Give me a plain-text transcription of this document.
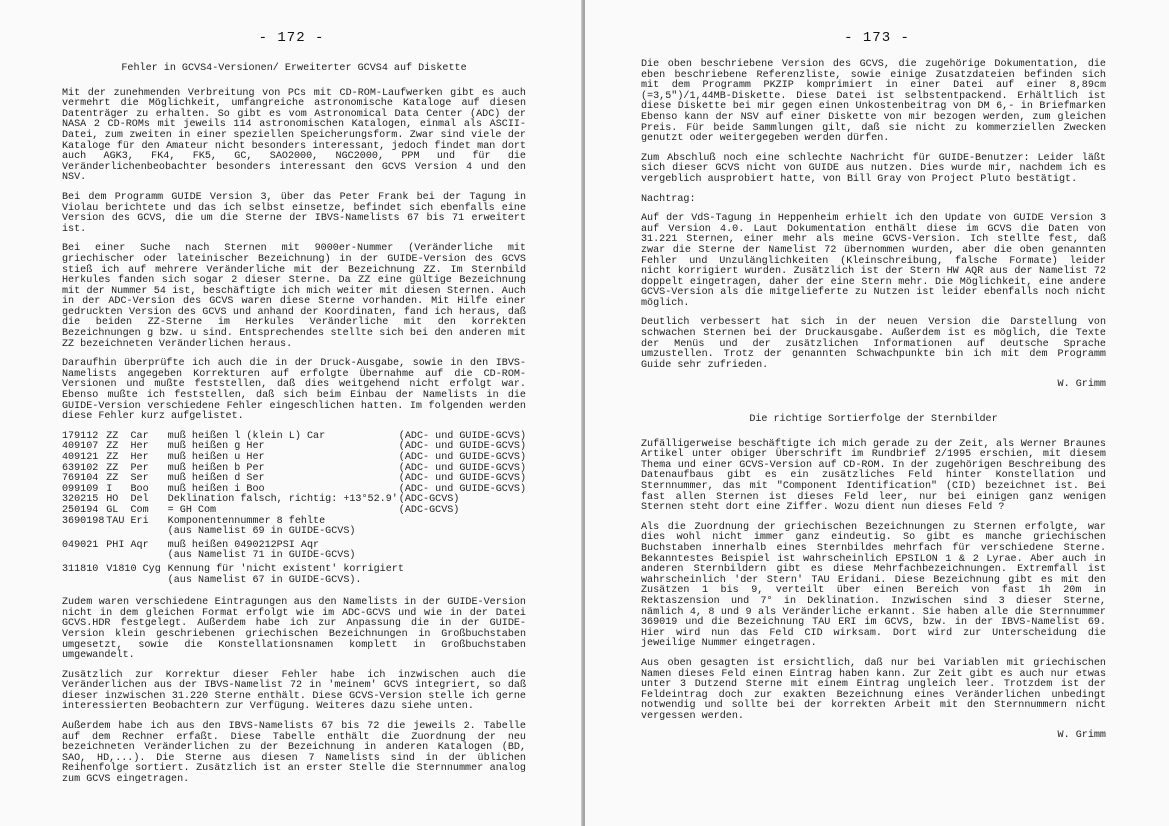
- 172 -
Fehler in GCVS4-Versionen/ Erweiterter GCVS4 auf Diskette

Mit der zunehmenden Verbreitung von PCs mit CD-ROM-Laufwerken gibt es auch vermehrt die Möglichkeit, umfangreiche astronomische Kataloge auf diesen Datenträger zu erhalten. So gibt es vom Astronomical Data Center (ADC) der NASA 2 CD-ROMs mit jeweils 114 astronomischen Katalogen, einmal als ASCII-Datei, zum zweiten in einer speziellen Speicherungsform. Zwar sind viele der Kataloge für den Amateur nicht besonders interessant, jedoch findet man dort auch AGK3, FK4, FK5, GC, SAO2000, NGC2000, PPM und für die Veränderlichenbeobachter besonders interessant den GCVS Version 4 und den NSV.

Bei dem Programm GUIDE Version 3, über das Peter Frank bei der Tagung in Violau berichtete und das ich selbst einsetze, befindet sich ebenfalls eine Version des GCVS, die um die Sterne der IBVS-Namelists 67 bis 71 erweitert ist.

Bei einer Suche nach Sternen mit 9000er-Nummer (Veränderliche mit griechischer oder lateinischer Bezeichnung) in der GUIDE-Version des GCVS stieß ich auf mehrere Veränderliche mit der Bezeichnung ZZ. Im Sternbild Herkules fanden sich sogar 2 dieser Sterne. Da ZZ eine gültige Bezeichnung mit der Nummer 54 ist, beschäftigte ich mich weiter mit diesen Sternen. Auch in der ADC-Version des GCVS waren diese Sterne vorhanden. Mit Hilfe einer gedruckten Version des GCVS und anhand der Koordinaten, fand ich heraus, daß die beiden ZZ-Sterne im Herkules Veränderliche mit den korrekten Bezeichnungen g bzw. u sind. Entsprechendes stellte sich bei den anderen mit ZZ bezeichneten Veränderlichen heraus.

Daraufhin überprüfte ich auch die in der Druck-Ausgabe, sowie in den IBVS-Namelists angegeben Korrekturen auf erfolgte Übernahme auf die CD-ROM-Versionen und mußte feststellen, daß dies weitgehend nicht erfolgt war. Ebenso mußte ich feststellen, daß sich beim Einbau der Namelists in die GUIDE-Version verschiedene Fehler eingeschlichen hatten. Im folgenden werden diese Fehler kurz aufgelistet.

179112	ZZ  Car	muß heißen l (klein L) Car	(ADC- und GUIDE-GCVS)
409107	ZZ  Her	muß heißen g Her	(ADC- und GUIDE-GCVS)
409121	ZZ  Her	muß heißen u Her	(ADC- und GUIDE-GCVS)
639102	ZZ  Per	muß heißen b Per	(ADC- und GUIDE-GCVS)
769104	ZZ  Ser	muß heißen d Ser	(ADC- und GUIDE-GCVS)
099109	I   Boo	muß heißen i Boo	(ADC- und GUIDE-GCVS)
320215	HO  Del	Deklination falsch, richtig: +13°52.9'	(ADC-GCVS)
250194	GL  Com	= GH Com	(ADC-GCVS)
3690198	TAU Eri	Komponentennummer 8 fehlte	
		(aus Namelist 69 in GUIDE-GCVS)	
049021	PHI Aqr	muß heißen 0490212PSI Aqr	
		(aus Namelist 71 in GUIDE-GCVS)	
311810	V1810 Cyg	Kennung für 'nicht existent' korrigiert	
		(aus Namelist 67 in GUIDE-GCVS).	

Zudem waren verschiedene Eintragungen aus den Namelists in der GUIDE-Version nicht in dem gleichen Format erfolgt wie im ADC-GCVS und wie in der Datei GCVS.HDR festgelegt. Außerdem habe ich zur Anpassung die in der GUIDE-Version klein geschriebenen griechischen Bezeichnungen in Großbuchstaben umgesetzt, sowie die Konstellationsnamen komplett in Großbuchstaben umgewandelt.

Zusätzlich zur Korrektur dieser Fehler habe ich inzwischen auch die Veränderlichen aus der IBVS-Namelist 72 in 'meinem' GCVS integriert, so daß dieser inzwischen 31.220 Sterne enthält. Diese GCVS-Version stelle ich gerne interessierten Beobachtern zur Verfügung. Weiteres dazu siehe unten.

Außerdem habe ich aus den IBVS-Namelists 67 bis 72 die jeweils 2. Tabelle auf dem Rechner erfaßt. Diese Tabelle enthält die Zuordnung der neu bezeichneten Veränderlichen zu der Bezeichnung in anderen Katalogen (BD, SAO, HD,...). Die Sterne aus diesen 7 Namelists sind in der üblichen Reihenfolge sortiert. Zusätzlich ist an erster Stelle die Sternnummer analog zum GCVS eingetragen.

- 173 -

Die oben beschriebene Version des GCVS, die zugehörige Dokumentation, die eben beschriebene Referenzliste, sowie einige Zusatzdateien befinden sich mit dem Programm PKZIP komprimiert in einer Datei auf einer 8,89cm (=3,5")/1,44MB-Diskette. Diese Datei ist selbstentpackend. Erhältlich ist diese Diskette bei mir gegen einen Unkostenbeitrag von DM 6,- in Briefmarken Ebenso kann der NSV auf einer Diskette von mir bezogen werden, zum gleichen Preis. Für beide Sammlungen gilt, daß sie nicht zu kommerziellen Zwecken genutzt oder weitergegeben werden dürfen.

Zum Abschluß noch eine schlechte Nachricht für GUIDE-Benutzer: Leider läßt sich dieser GCVS nicht von GUIDE aus nutzen. Dies wurde mir, nachdem ich es vergeblich ausprobiert hatte, von Bill Gray von Project Pluto bestätigt.

Nachtrag:

Auf der VdS-Tagung in Heppenheim erhielt ich den Update von GUIDE Version 3 auf Version 4.0. Laut Dokumentation enthält diese im GCVS die Daten von 31.221 Sternen, einer mehr als meine GCVS-Version. Ich stellte fest, daß zwar die Sterne der Namelist 72 übernommen wurden, aber die oben genannten Fehler und Unzulänglichkeiten (Kleinschreibung, falsche Formate) leider nicht korrigiert wurden. Zusätzlich ist der Stern HW AQR aus der Namelist 72 doppelt eingetragen, daher der eine Stern mehr. Die Möglichkeit, eine andere GCVS-Version als die mitgelieferte zu Nutzen ist leider ebenfalls noch nicht möglich.

Deutlich verbessert hat sich in der neuen Version die Darstellung von schwachen Sternen bei der Druckausgabe. Außerdem ist es möglich, die Texte der Menüs und der zusätzlichen Informationen auf deutsche Sprache umzustellen. Trotz der genannten Schwachpunkte bin ich mit dem Programm Guide sehr zufrieden.

W. Grimm
Die richtige Sortierfolge der Sternbilder

Zufälligerweise beschäftigte ich mich gerade zu der Zeit, als Werner Braunes Artikel unter obiger Überschrift im Rundbrief 2/1995 erschien, mit diesem Thema und einer GCVS-Version auf CD-ROM. In der zugehörigen Beschreibung des Datenaufbaus gibt es ein zusätzliches Feld hinter Konstellation und Sternnummer, das mit "Component Identification" (CID) bezeichnet ist. Bei fast allen Sternen ist dieses Feld leer, nur bei einigen ganz wenigen Sternen steht dort eine Ziffer. Wozu dient nun dieses Feld ?

Als die Zuordnung der griechischen Bezeichnungen zu Sternen erfolgte, war dies wohl nicht immer ganz eindeutig. So gibt es manche griechischen Buchstaben innerhalb eines Sternbildes mehrfach für verschiedene Sterne. Bekanntestes Beispiel ist wahrscheinlich EPSILON 1 & 2 Lyrae. Aber auch in anderen Sternbildern gibt es diese Mehrfachbezeichnungen. Extremfall ist wahrscheinlich 'der Stern' TAU Eridani. Diese Bezeichnung gibt es mit den Zusätzen 1 bis 9, verteilt über einen Bereich von fast 1h 20m in Rektaszension und 7° in Deklination. Inzwischen sind 3 dieser Sterne, nämlich 4, 8 und 9 als Veränderliche erkannt. Sie haben alle die Sternnummer 369019 und die Bezeichnung TAU ERI im GCVS, bzw. in der IBVS-Namelist 69. Hier wird nun das Feld CID wirksam. Dort wird zur Unterscheidung die jeweilige Nummer eingetragen.

Aus oben gesagten ist ersichtlich, daß nur bei Variablen mit griechischen Namen dieses Feld einen Eintrag haben kann. Zur Zeit gibt es auch nur etwas unter 3 Dutzend Sterne mit einem Eintrag ungleich leer. Trotzdem ist der Feldeintrag doch zur exakten Bezeichnung eines Veränderlichen unbedingt notwendig und sollte bei der korrekten Arbeit mit den Sternnummern nicht vergessen werden.

W. Grimm
